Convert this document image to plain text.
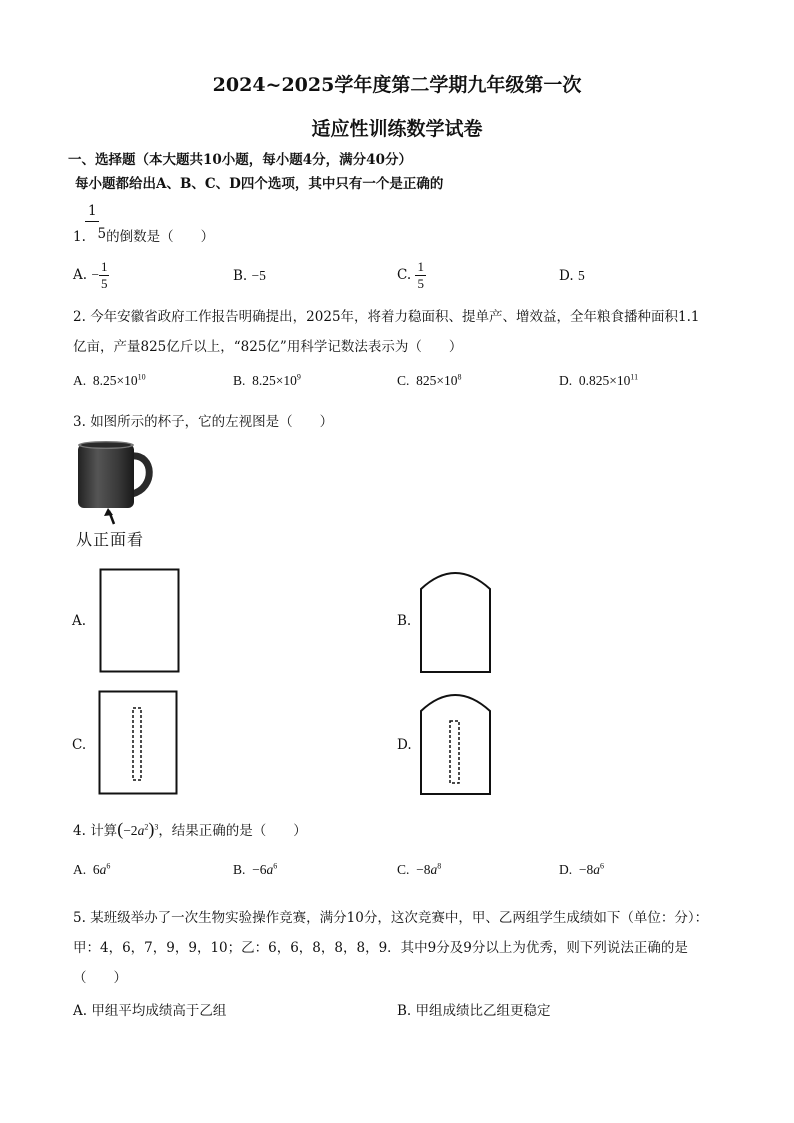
2024~2025学年度第二学期九年级第一次
适应性训练数学试卷
一、选择题（本大题共10小题，每小题4分，满分40分）
每小题都给出A、B、C、D四个选项，其中只有一个是正确的
1
1. 5的倒数是（　　）
A. − $\frac{1}{5}$	B. −5	C. $\frac{1}{5}$	D. 5
2. 今年安徽省政府工作报告明确提出，2025年，将着力稳面积、提单产、增效益，全年粮食播种面积1.1
亿亩，产量825亿斤以上，“825亿”用科学记数法表示为（　　）
A. $8.25\times 10^{10}$	B. $8.25\times 10^9$	C. $825\times 10^8$	D. $0.825\times 10^{11}$
3. 如图所示的杯子，它的左视图是（　　）
从正面看
A.	B.
C.	D.
4. 计算$(-2a^2)^3$，结果正确的是（　　）
A. $6a^6$	B. $-6a^6$	C. $-8a^8$	D. $-8a^6$
5. 某班级举办了一次生物实验操作竞赛，满分10分，这次竞赛中，甲、乙两组学生成绩如下（单位：分）：
甲：4，6，7，9，9，10；乙：6，6，8，8，8，9．其中9分及9分以上为优秀，则下列说法正确的是
（　　）
A. 甲组平均成绩高于乙组	B. 甲组成绩比乙组更稳定
